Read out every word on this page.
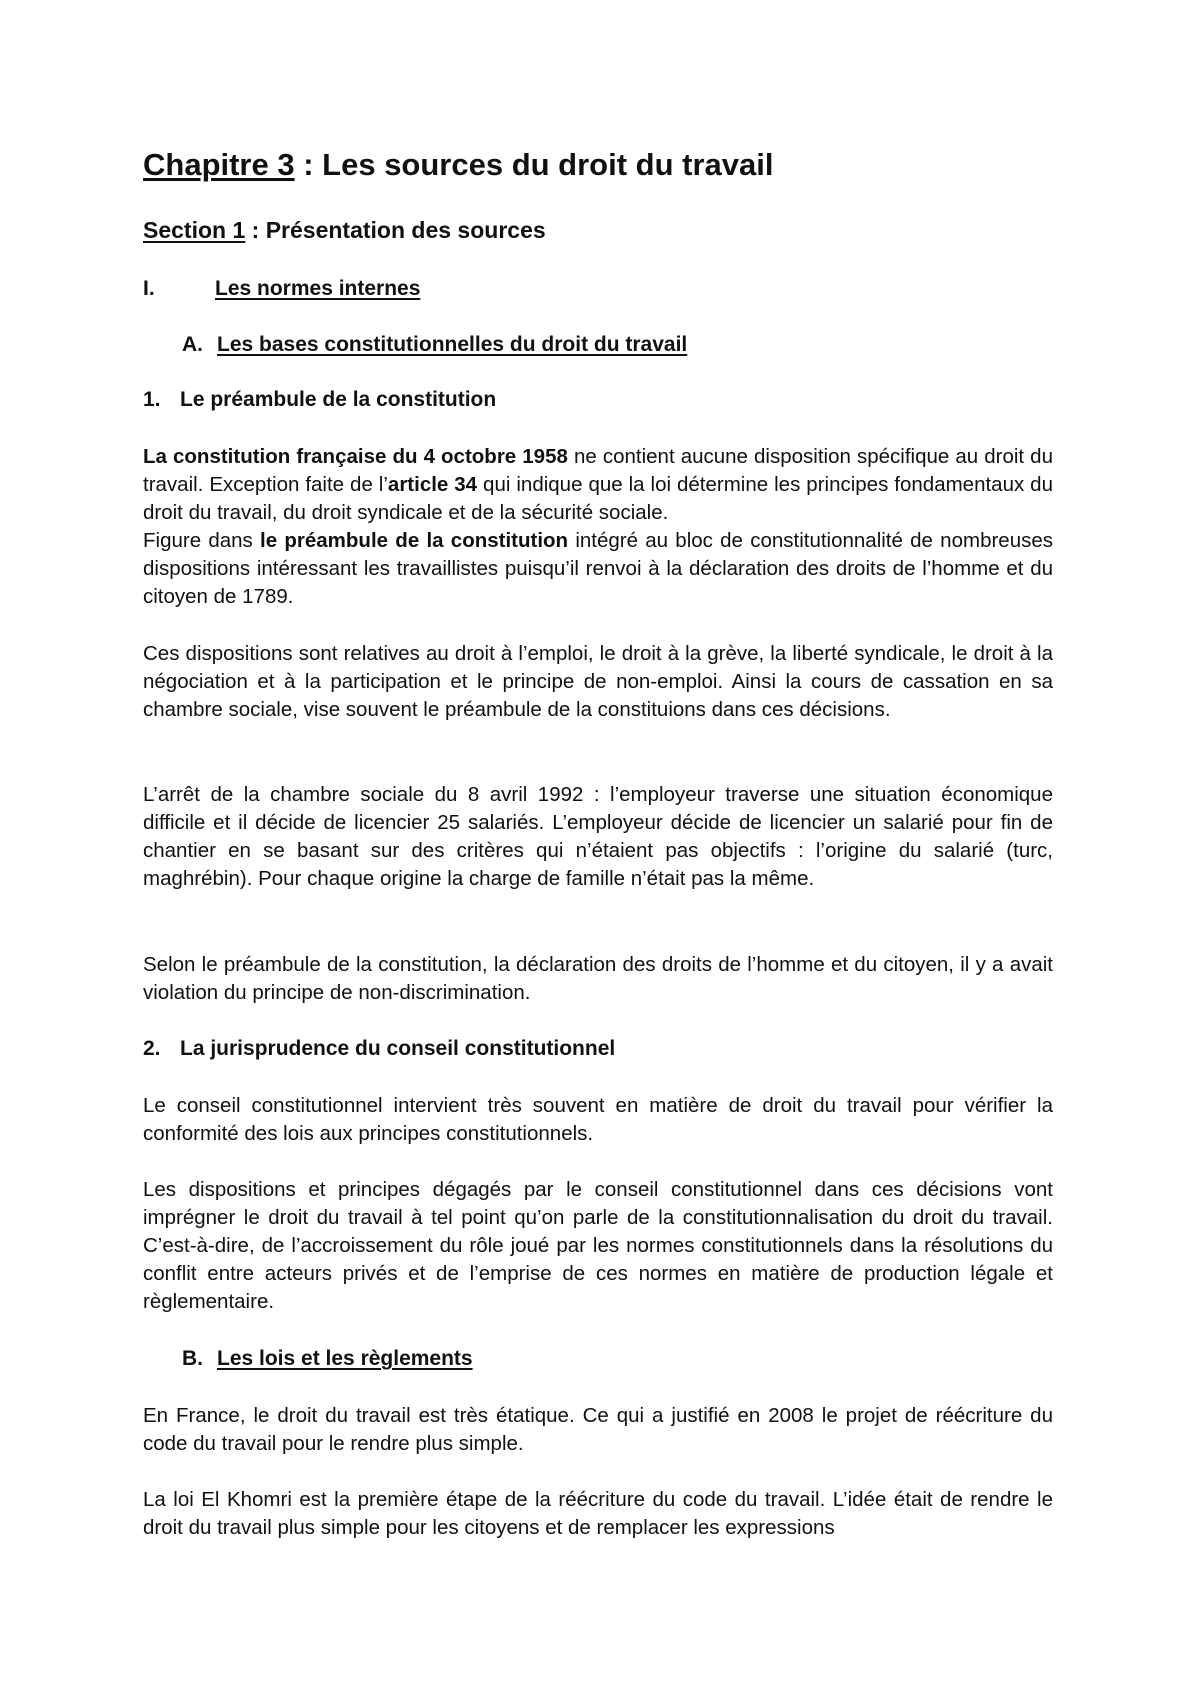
Chapitre 3 : Les sources du droit du travail
Section 1 : Présentation des sources
I.	Les normes internes
A. Les bases constitutionnelles du droit du travail
1. Le préambule de la constitution

La constitution française du 4 octobre 1958 ne contient aucune disposition spécifique au droit du travail. Exception faite de l’article 34 qui indique que la loi détermine les principes fondamentaux du droit du travail, du droit syndicale et de la sécurité sociale.

Figure dans le préambule de la constitution intégré au bloc de constitutionnalité de nombreuses dispositions intéressant les travaillistes puisqu’il renvoi à la déclaration des droits de l’homme et du citoyen de 1789.

Ces dispositions sont relatives au droit à l’emploi, le droit à la grève, la liberté syndicale, le droit à la négociation et à la participation et le principe de non-emploi. Ainsi la cours de cassation en sa chambre sociale, vise souvent le préambule de la constituions dans ces décisions.

L’arrêt de la chambre sociale du 8 avril 1992 : l’employeur traverse une situation économique difficile et il décide de licencier 25 salariés. L’employeur décide de licencier un salarié pour fin de chantier en se basant sur des critères qui n’étaient pas objectifs : l’origine du salarié (turc, maghrébin). Pour chaque origine la charge de famille n’était pas la même.

Selon le préambule de la constitution, la déclaration des droits de l’homme et du citoyen, il y a avait violation du principe de non-discrimination.

2. La jurisprudence du conseil constitutionnel

Le conseil constitutionnel intervient très souvent en matière de droit du travail pour vérifier la conformité des lois aux principes constitutionnels.

Les dispositions et principes dégagés par le conseil constitutionnel dans ces décisions vont imprégner le droit du travail à tel point qu’on parle de la constitutionnalisation du droit du travail. C’est-à-dire, de l’accroissement du rôle joué par les normes constitutionnels dans la résolutions du conflit entre acteurs privés et de l’emprise de ces normes en matière de production légale et règlementaire.

B. Les lois et les règlements

En France, le droit du travail est très étatique. Ce qui a justifié en 2008 le projet de réécriture du code du travail pour le rendre plus simple.

La loi El Khomri est la première étape de la réécriture du code du travail. L’idée était de rendre le droit du travail plus simple pour les citoyens et de remplacer les expressions
